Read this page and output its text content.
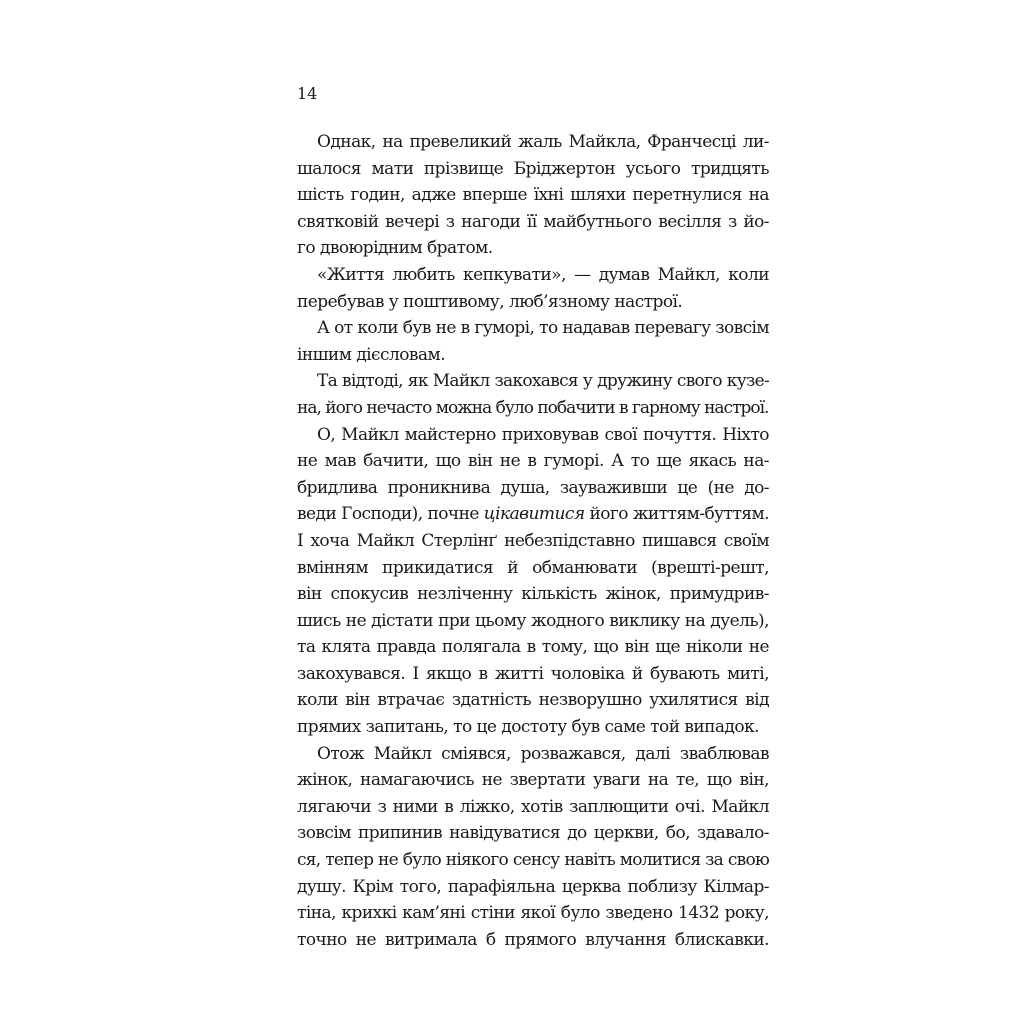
14
Однак, на превеликий жаль Майкла, Франчесці ли-
шалося мати прізвище Бріджертон усього тридцять
шість годин, адже вперше їхні шляхи перетнулися на
святковій вечері з нагоди її майбутнього весілля з йо-
го двоюрідним братом.
«Життя любить кепкувати», — думав Майкл, коли
перебував у поштивому, люб’язному настрої.
А от коли був не в гуморі, то надавав перевагу зовсім
іншим дієсловам.
Та відтоді, як Майкл закохався у дружину свого кузе-
на, його нечасто можна було побачити в гарному настрої.
О, Майкл майстерно приховував свої почуття. Ніхто
не мав бачити, що він не в гуморі. А то ще якась на-
бридлива проникнива душа, зауваживши це (не до-
веди Господи), почне цікавитися його життям-буттям.
І хоча Майкл Стерлінґ небезпідставно пишався своїм
вмінням прикидатися й обманювати (врешті-решт,
він спокусив незліченну кількість жінок, примудрив-
шись не дістати при цьому жодного виклику на дуель),
та клята правда полягала в тому, що він ще ніколи не
закохувався. І якщо в житті чоловіка й бувають миті,
коли він втрачає здатність незворушно ухилятися від
прямих запитань, то це достоту був саме той випадок.
Отож Майкл сміявся, розважався, далі зваблював
жінок, намагаючись не звертати уваги на те, що він,
лягаючи з ними в ліжко, хотів заплющити очі. Майкл
зовсім припинив навідуватися до церкви, бо, здавало-
ся, тепер не було ніякого сенсу навіть молитися за свою
душу. Крім того, парафіяльна церква поблизу Кілмар-
тіна, крихкі кам’яні стіни якої було зведено 1432 року,
точно не витримала б прямого влучання блискавки.
